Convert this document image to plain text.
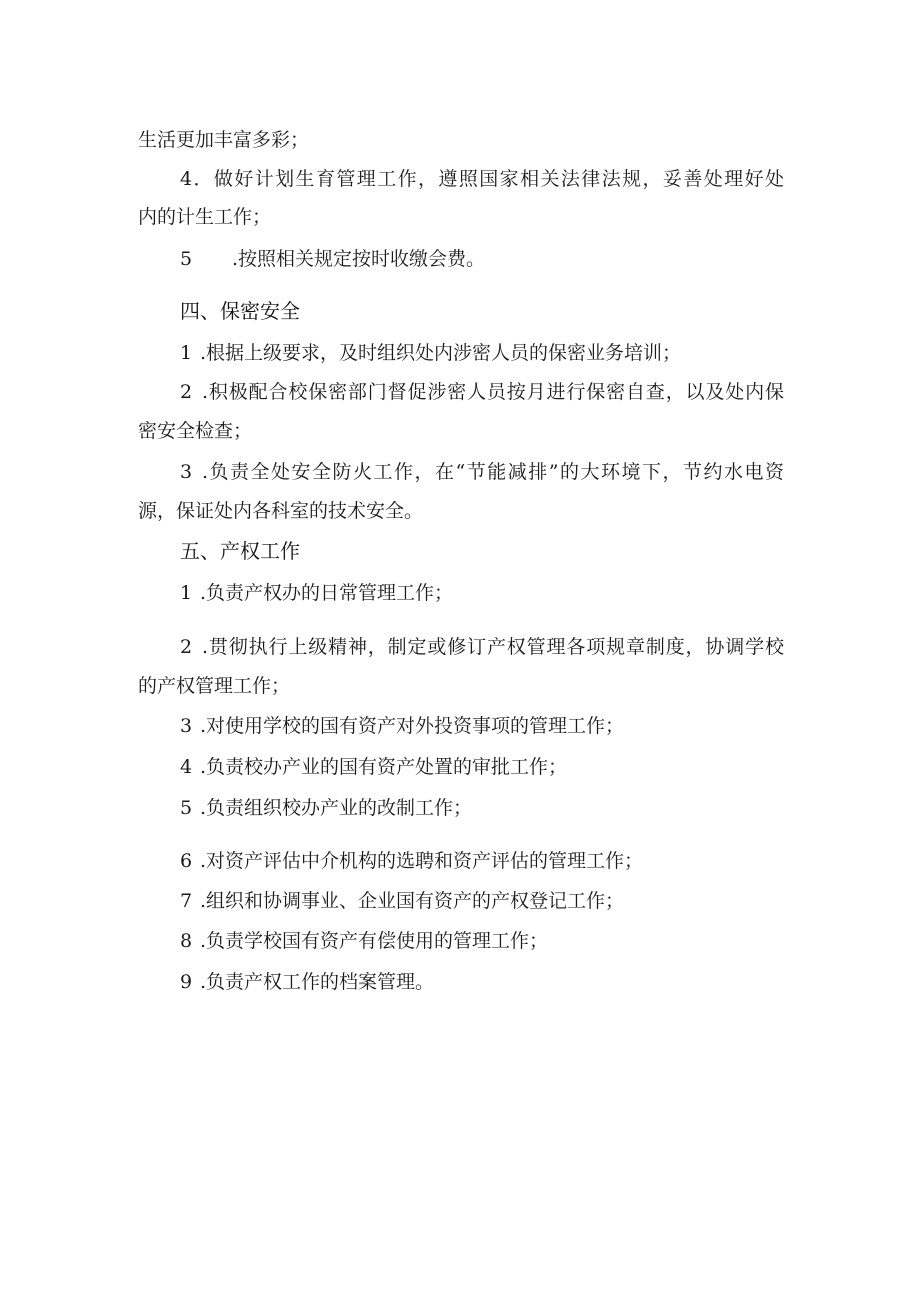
生活更加丰富多彩；
4．做好计划生育管理工作，遵照国家相关法律法规，妥善处理好处
内的计生工作；
5 .按照相关规定按时收缴会费。
四、保密安全
1 .根据上级要求，及时组织处内涉密人员的保密业务培训；
2 .积极配合校保密部门督促涉密人员按月进行保密自查，以及处内保
密安全检查；
3 .负责全处安全防火工作，在“节能减排”的大环境下，节约水电资
源，保证处内各科室的技术安全。
五、产权工作
1 .负责产权办的日常管理工作；
2 .贯彻执行上级精神，制定或修订产权管理各项规章制度，协调学校
的产权管理工作；
3 .对使用学校的国有资产对外投资事项的管理工作；
4 .负责校办产业的国有资产处置的审批工作；
5 .负责组织校办产业的改制工作；
6 .对资产评估中介机构的选聘和资产评估的管理工作；
7 .组织和协调事业、企业国有资产的产权登记工作；
8 .负责学校国有资产有偿使用的管理工作；
9 .负责产权工作的档案管理。
